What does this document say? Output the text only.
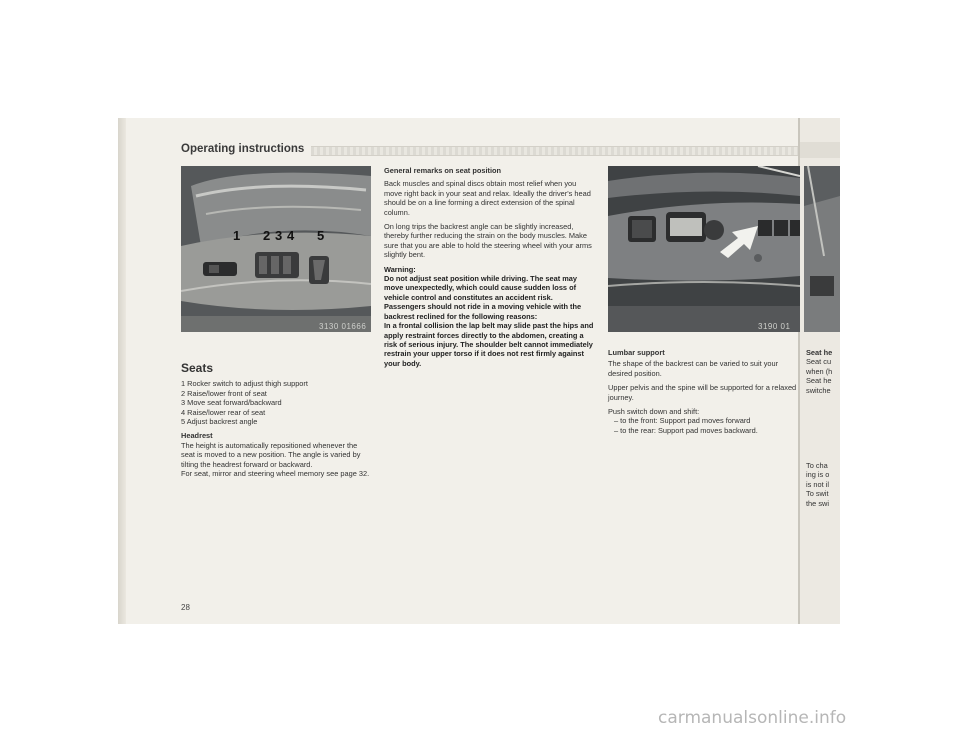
Operating instructions
1 2 3 4 5
3130 01666	3190 01
Seats
1 Rocker switch to adjust thigh support
2 Raise/lower front of seat
3 Move seat forward/backward
4 Raise/lower rear of seat
5 Adjust backrest angle
Headrest
The height is automatically repositioned whenever the seat is moved to a new position. The angle is varied by tilting the headrest forward or backward.
For seat, mirror and steering wheel memory see page 32.

General remarks on seat position

Back muscles and spinal discs obtain most relief when you move right back in your seat and relax. Ideally the driver's head should be on a line forming a direct extension of the spinal column.

On long trips the backrest angle can be slightly increased, thereby further reducing the strain on the body muscles. Make sure that you are able to hold the steering wheel with your arms slightly bent.

Warning:
Do not adjust seat position while driving. The seat may move unexpectedly, which could cause sudden loss of vehicle control and constitutes an accident risk.
Passengers should not ride in a moving vehicle with the backrest reclined for the following reasons:
In a frontal collision the lap belt may slide past the hips and apply restraint forces directly to the abdomen, creating a risk of serious injury. The shoulder belt cannot immediately restrain your upper torso if it does not rest firmly against your body.

Lumbar support

The shape of the backrest can be varied to suit your desired position.

Upper pelvis and the spine will be supported for a relaxed journey.

Push switch down and shift:
– to the front: Support pad moves forward
– to the rear: Support pad moves backward.
Seat he
Seat cu
when (h
Seat he
switche
To cha
ing is o
is not il
To swit
the swi
28
carmanualsonline.info
